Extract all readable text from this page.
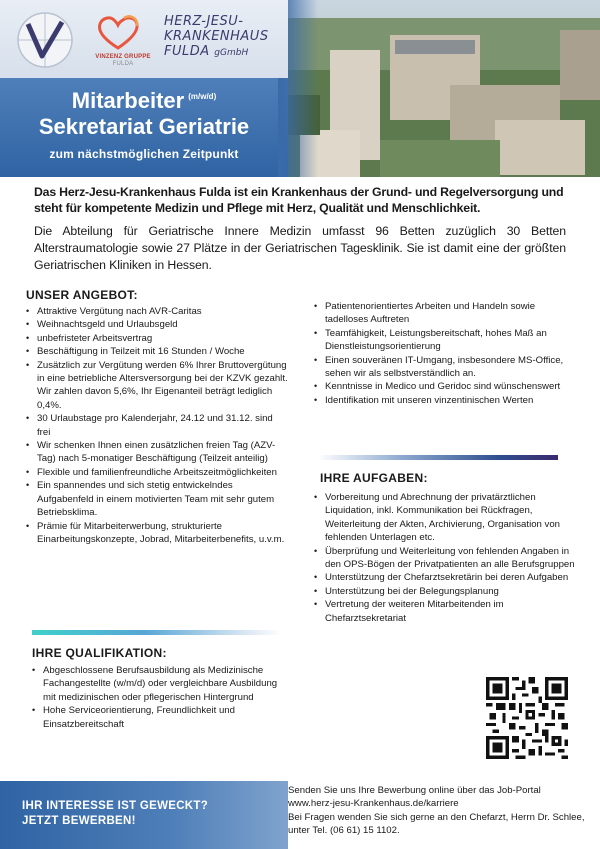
VINZENZ GRUPPE
FULDA
HERZ-JESU-
KRANKENHAUS
FULDA gGmbH
Mitarbeiter $^{(m/w/d)}$
Sekretariat Geriatrie
zum nächstmöglichen Zeitpunkt

Das Herz-Jesu-Krankenhaus Fulda ist ein Krankenhaus der Grund- und Regelversorgung und steht für kompetente Medizin und Pflege mit Herz, Qualität und Menschlichkeit.

Die Abteilung für Geriatrische Innere Medizin umfasst 96 Betten zuzüglich 30 Betten Alterstraumatologie sowie 27 Plätze in der Geriatrischen Tagesklinik. Sie ist damit eine der größten Geriatrischen Kliniken in Hessen.

UNSER ANGEBOT:
• Attraktive Vergütung nach AVR-Caritas
• Weihnachtsgeld und Urlaubsgeld
• unbefristeter Arbeitsvertrag
• Beschäftigung in Teilzeit mit 16 Stunden / Woche
• Zusätzlich zur Vergütung werden 6% Ihrer Bruttovergütung in eine betriebliche Altersversorgung bei der KZVK gezahlt. Wir zahlen davon 5,6%, Ihr Eigenanteil beträgt lediglich 0,4%.
• 30 Urlaubstage pro Kalenderjahr, 24.12 und 31.12. sind frei
• Wir schenken Ihnen einen zusätzlichen freien Tag (AZV-Tag) nach 5-monatiger Beschäftigung (Teilzeit anteilig)
• Flexible und familienfreundliche Arbeitszeitmöglichkeiten
• Ein spannendes und sich stetig entwickelndes Aufgabenfeld in einem motivierten Team mit sehr gutem Betriebsklima.
• Prämie für Mitarbeiterwerbung, strukturierte Einarbeitungskonzepte, Jobrad, Mitarbeiterbenefits, u.v.m.
IHRE QUALIFIKATION:
• Abgeschlossene Berufsausbildung als Medizinische Fachangestellte (w/m/d) oder vergleichbare Ausbildung mit medizinischen oder pflegerischen Hintergrund
• Hohe Serviceorientierung, Freundlichkeit und Einsatzbereitschaft
• Patientenorientiertes Arbeiten und Handeln sowie tadelloses Auftreten
• Teamfähigkeit, Leistungsbereitschaft, hohes Maß an Dienstleistungsorientierung
• Einen souveränen IT-Umgang, insbesondere MS-Office, sehen wir als selbstverständlich an.
• Kenntnisse in Medico und Geridoc sind wünschenswert
• Identifikation mit unseren vinzentinischen Werten
IHRE AUFGABEN:
• Vorbereitung und Abrechnung der privatärztlichen Liquidation, inkl. Kommunikation bei Rückfragen, Weiterleitung der Akten, Archivierung, Organisation von fehlenden Unterlagen etc.
• Überprüfung und Weiterleitung von fehlenden Angaben in den OPS-Bögen der Privatpatienten an alle Berufsgruppen
• Unterstützung der Chefarztsekretärin bei deren Aufgaben
• Unterstützung bei der Belegungsplanung
• Vertretung der weiteren Mitarbeitenden im Chefarztsekretariat
IHR INTERESSE IST GEWECKT?
JETZT BEWERBEN!
Senden Sie uns Ihre Bewerbung online über das Job-Portal
www.herz-jesu-Krankenhaus.de/karriere
Bei Fragen wenden Sie sich gerne an den Chefarzt, Herrn Dr. Schlee, unter Tel. (06 61) 15 1102.
